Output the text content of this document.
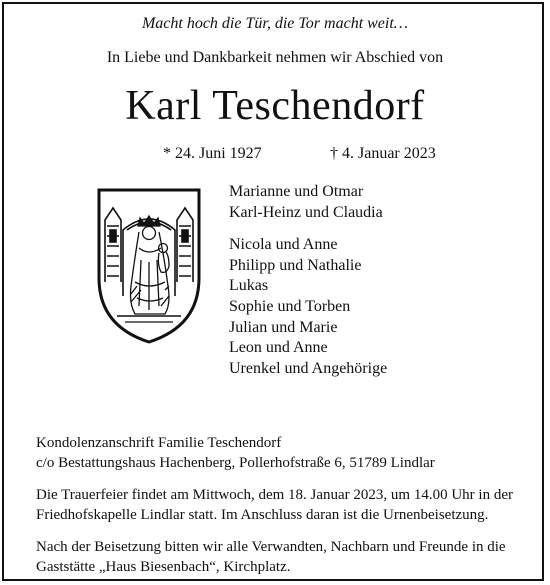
Macht hoch die Tür, die Tor macht weit…
In Liebe und Dankbarkeit nehmen wir Abschied von
Karl Teschendorf
* 24. Juni 1927	† 4. Januar 2023
Marianne und Otmar
Karl-Heinz und Claudia
Nicola und Anne
Philipp und Nathalie
Lukas
Sophie und Torben
Julian und Marie
Leon und Anne
Urenkel und Angehörige
Kondolenzanschrift Familie Teschendorf
c/o Bestattungshaus Hachenberg, Pollerhofstraße 6, 51789 Lindlar
Die Trauerfeier findet am Mittwoch, dem 18. Januar 2023, um 14.00 Uhr in der
Friedhofskapelle Lindlar statt. Im Anschluss daran ist die Urnenbeisetzung.
Nach der Beisetzung bitten wir alle Verwandten, Nachbarn und Freunde in die
Gaststätte „Haus Biesenbach“, Kirchplatz.
